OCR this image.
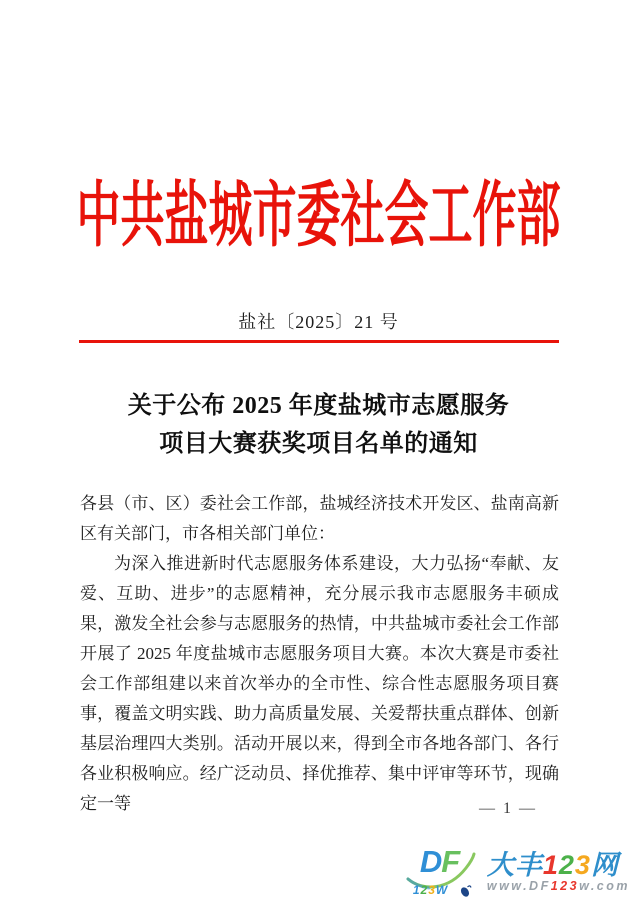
中共盐城市委社会工作部
盐社〔2025〕21 号
关于公布 2025 年度盐城市志愿服务
项目大赛获奖项目名单的通知

各县（市、区）委社会工作部，盐城经济技术开发区、盐南高新区有关部门，市各相关部门单位：

为深入推进新时代志愿服务体系建设，大力弘扬“奉献、友爱、互助、进步”的志愿精神，充分展示我市志愿服务丰硕成果，激发全社会参与志愿服务的热情，中共盐城市委社会工作部开展了 2025 年度盐城市志愿服务项目大赛。本次大赛是市委社会工作部组建以来首次举办的全市性、综合性志愿服务项目赛事，覆盖文明实践、助力高质量发展、关爱帮扶重点群体、创新基层治理四大类别。活动开展以来，得到全市各地各部门、各行各业积极响应。经广泛动员、择优推荐、集中评审等环节，现确定一等	— 1 —
DF
123W
大丰123网
www.DF123w.com
